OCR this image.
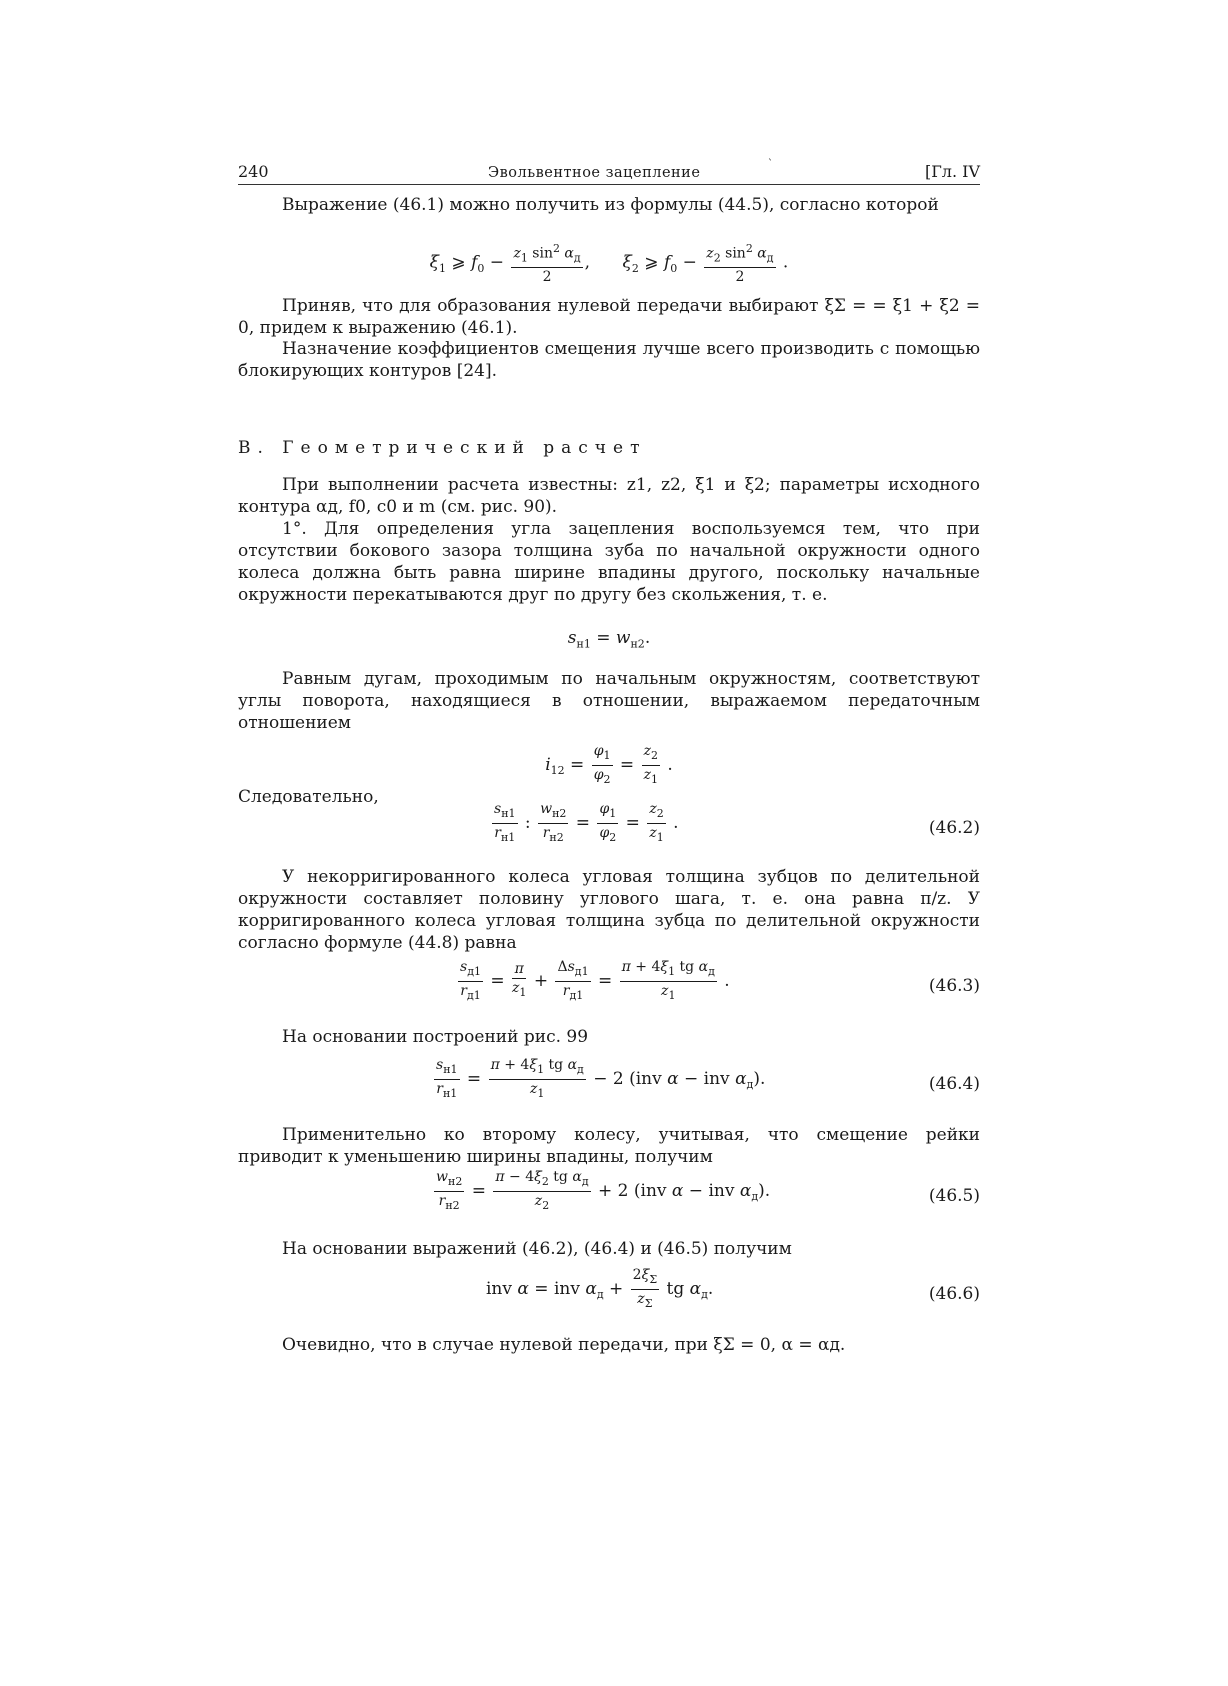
240	Эвольвентное зацепление
`	[Гл. IV
Выражение (46.1) можно получить из формулы (44.5), согласно которой
$\xi_1$ ⩾ $f_0 - \frac{z_1 \sin^2 \alpha_д}{2}$ ,      $\xi_2$ ⩾ $f_0 - \frac{z_2 \sin^2 \alpha_д}{2}$ .
Приняв, что для образования нулевой передачи выбирают ξΣ = = ξ1 + ξ2 = 0, придем к выражению (46.1).
Назначение коэффициентов смещения лучше всего производить с помощью блокирующих контуров [24].
В. Геометрический расчет
При выполнении расчета известны: z1, z2, ξ1 и ξ2; параметры исходного контура αд, f0, c0 и m (см. рис. 90).
1°. Для определения угла зацепления воспользуемся тем, что при отсутствии бокового зазора толщина зуба по начальной окружности одного колеса должна быть равна ширине впадины другого, поскольку начальные окружности перекатываются друг по другу без скольжения, т. е.
$s_{н1} = w_{н2}$.
Равным дугам, проходимым по начальным окружностям, соответствуют углы поворота, находящиеся в отношении, выражаемом передаточным отношением
$i_{12} = \frac{\varphi_1}{\varphi_2} = \frac{z_2}{z_1}$ .
Следовательно,
$\frac{s_{н1}}{r_{н1}}$ : $\frac{w_{н2}}{r_{н2}} = \frac{\varphi_1}{\varphi_2} = \frac{z_2}{z_1}$ .	(46.2)
У некорригированного колеса угловая толщина зубцов по делительной окружности составляет половину углового шага, т. е. она равна π/z. У корригированного колеса угловая толщина зубца по делительной окружности согласно формуле (44.8) равна
$\frac{s_{д1}}{r_{д1}} = \frac{\pi}{z_1} + \frac{\Delta s_{д1}}{r_{д1}} = \frac{\pi + 4\xi_1 tg \alpha_д}{z_1}$ .	(46.3)
На основании построений рис. 99
$\frac{s_{н1}}{r_{н1}} = \frac{\pi + 4\xi_1 tg \alpha_д}{z_1} - 2$ (inv α − inv $\alpha_д$).	(46.4)
Применительно ко второму колесу, учитывая, что смещение рейки приводит к уменьшению ширины впадины, получим
$\frac{w_{н2}}{r_{н2}} = \frac{\pi - 4\xi_2 tg \alpha_д}{z_2} + 2$ (inv α − inv $\alpha_д$).	(46.5)
На основании выражений (46.2), (46.4) и (46.5) получим
inv α = inv $\alpha_д + \frac{2\xi_\Sigma}{z_\Sigma}$ tg $\alpha_д$.	(46.6)
Очевидно, что в случае нулевой передачи, при ξΣ = 0, α = αд.
